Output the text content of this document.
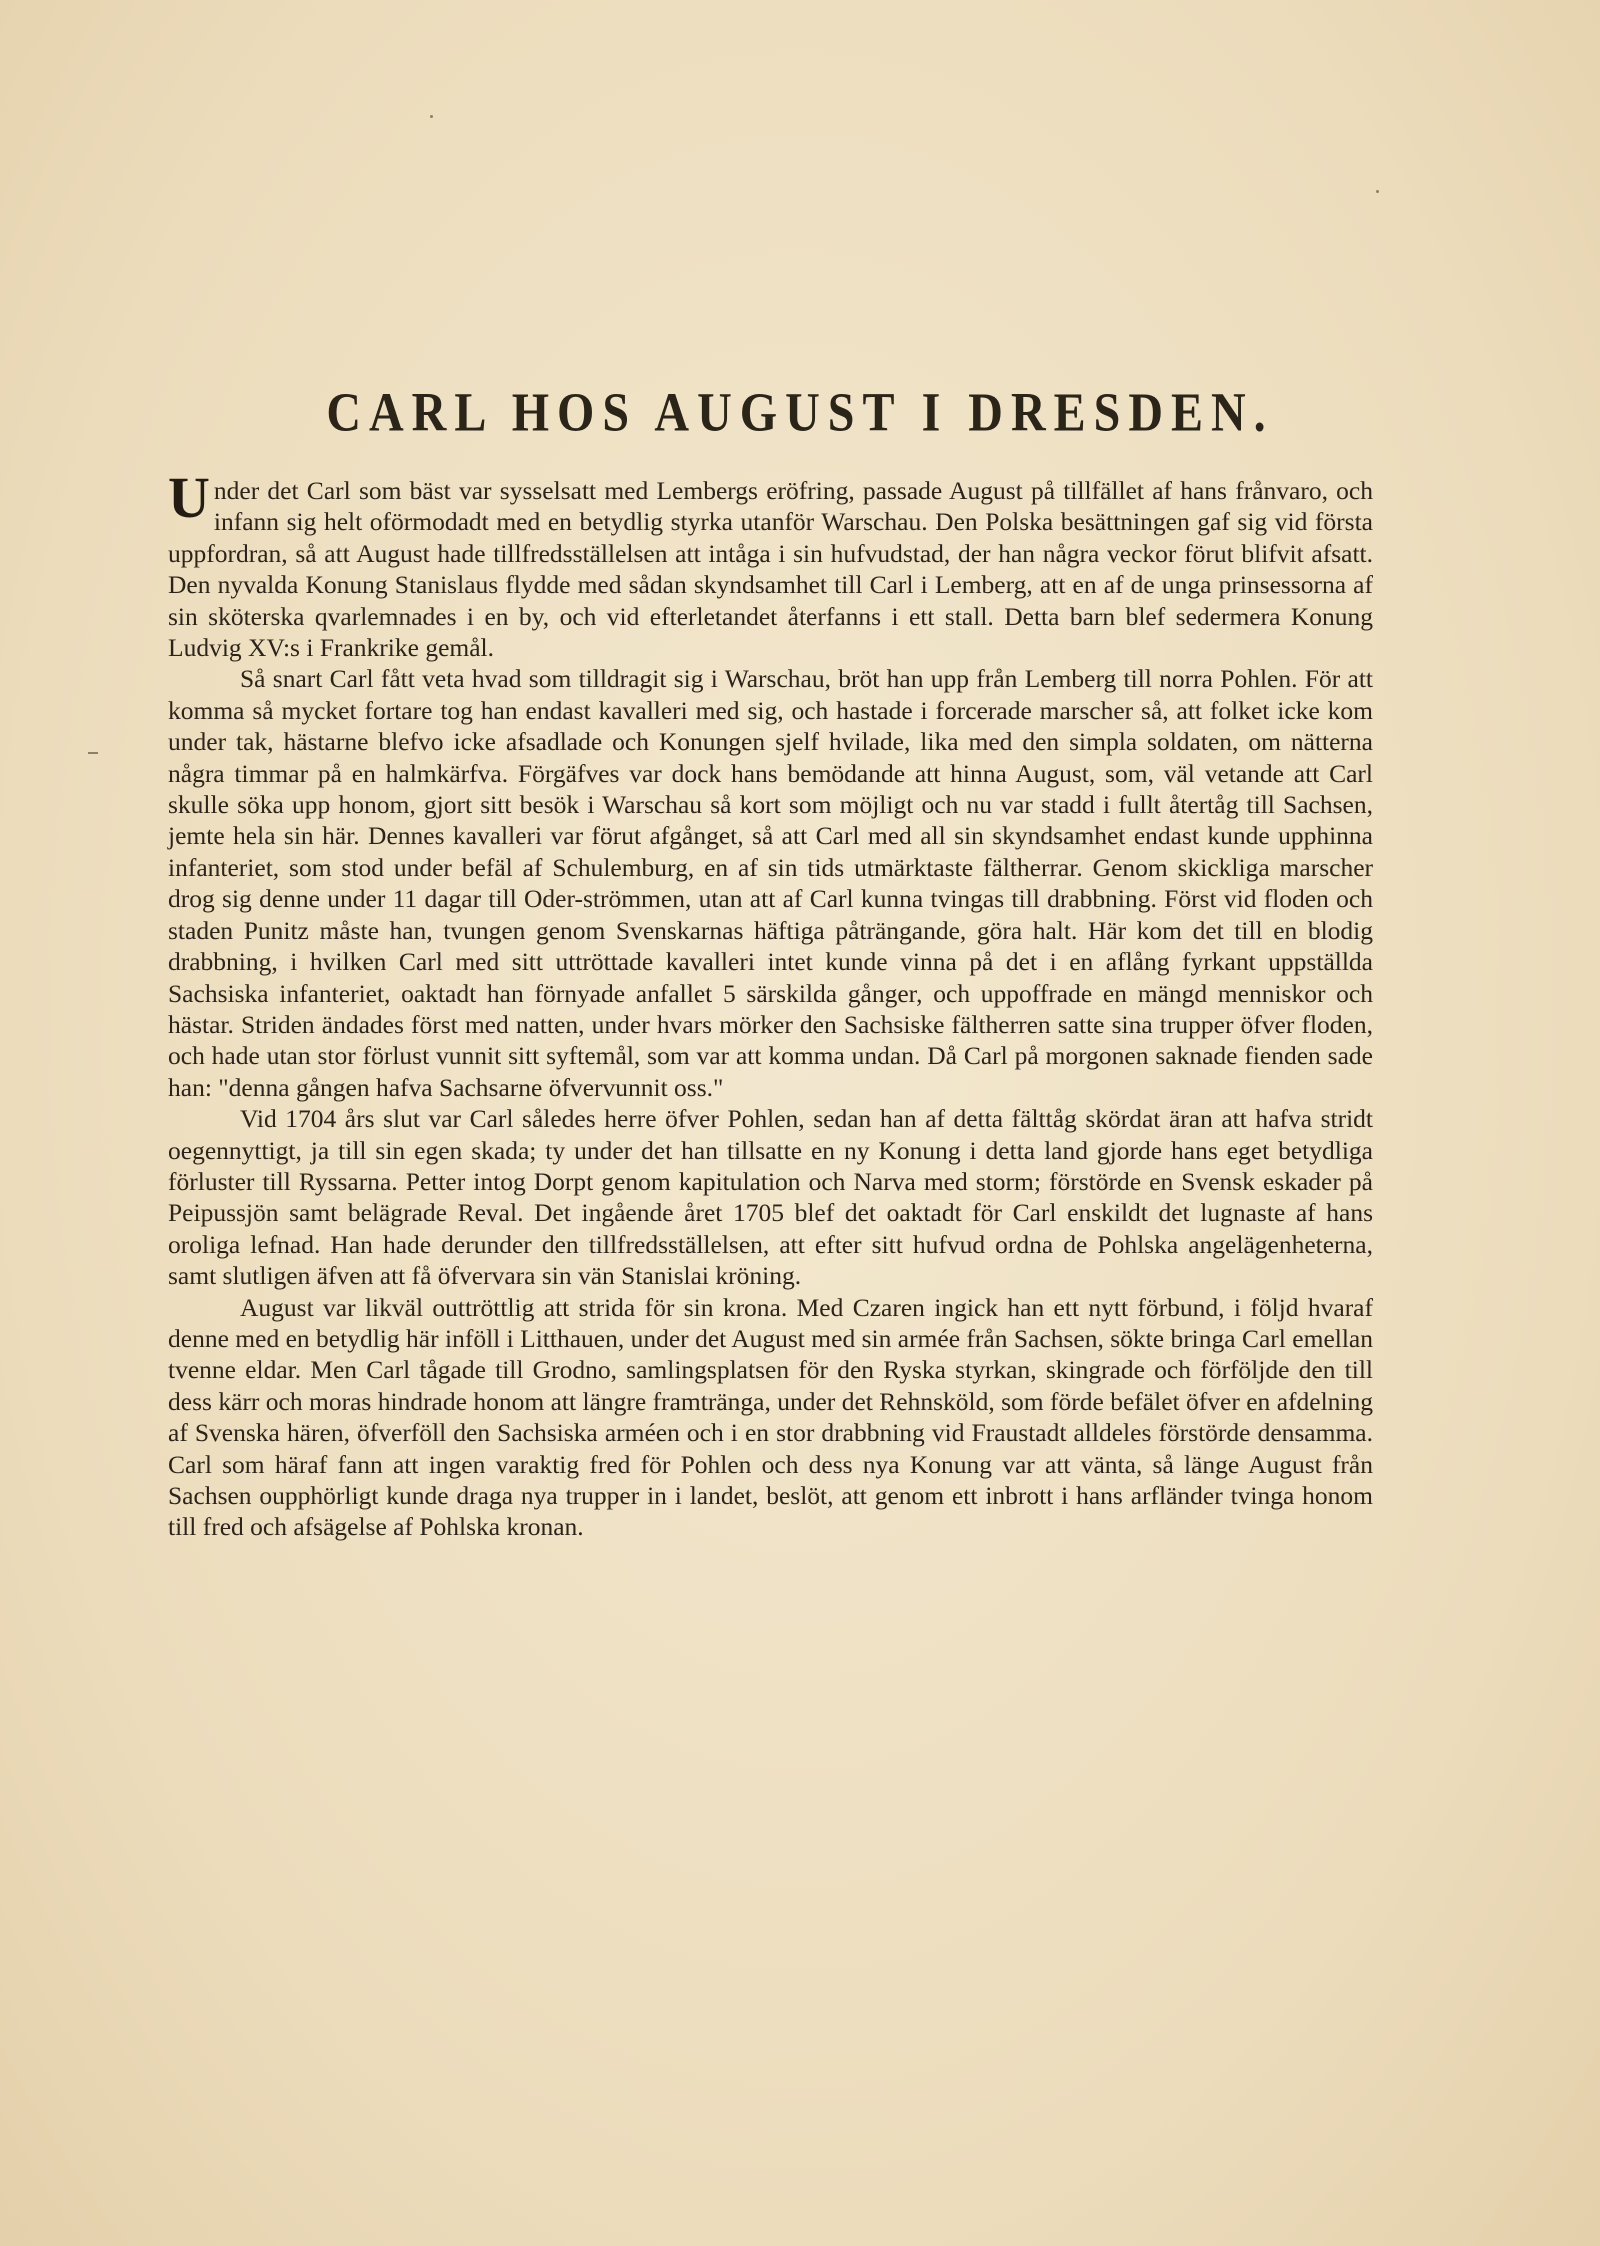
CARL HOS AUGUST I DRESDEN.

Under det Carl som bäst var sysselsatt med Lembergs eröfring, passade August på tillfället af hans frånvaro, och infann sig helt oförmodadt med en betydlig styrka utanför Warschau. Den Polska besättningen gaf sig vid första uppfordran, så att August hade tillfredsställelsen att intåga i sin hufvudstad, der han några veckor förut blifvit afsatt. Den nyvalda Konung Stanislaus flydde med sådan skyndsamhet till Carl i Lemberg, att en af de unga prinsessorna af sin sköterska qvarlemnades i en by, och vid efterletandet återfanns i ett stall. Detta barn blef sedermera Konung Ludvig XV:s i Frankrike gemål.

Så snart Carl fått veta hvad som tilldragit sig i Warschau, bröt han upp från Lemberg till norra Pohlen. För att komma så mycket fortare tog han endast kavalleri med sig, och hastade i forcerade marscher så, att folket icke kom under tak, hästarne blefvo icke afsadlade och Konungen sjelf hvilade, lika med den simpla soldaten, om nätterna några timmar på en halmkärfva. Förgäfves var dock hans bemödande att hinna August, som, väl vetande att Carl skulle söka upp honom, gjort sitt besök i Warschau så kort som möjligt och nu var stadd i fullt återtåg till Sachsen, jemte hela sin här. Dennes kavalleri var förut afgånget, så att Carl med all sin skyndsamhet endast kunde upphinna infanteriet, som stod under befäl af Schulemburg, en af sin tids utmärktaste fältherrar. Genom skickliga marscher drog sig denne under 11 dagar till Oder-strömmen, utan att af Carl kunna tvingas till drabbning. Först vid floden och staden Punitz måste han, tvungen genom Svenskarnas häftiga påträngande, göra halt. Här kom det till en blodig drabbning, i hvilken Carl med sitt uttröttade kavalleri intet kunde vinna på det i en aflång fyrkant uppställda Sachsiska infanteriet, oaktadt han förnyade anfallet 5 särskilda gånger, och uppoffrade en mängd menniskor och hästar. Striden ändades först med natten, under hvars mörker den Sachsiske fältherren satte sina trupper öfver floden, och hade utan stor förlust vunnit sitt syftemål, som var att komma undan. Då Carl på morgonen saknade fienden sade han: "denna gången hafva Sachsarne öfvervunnit oss."

Vid 1704 års slut var Carl således herre öfver Pohlen, sedan han af detta fälttåg skördat äran att hafva stridt oegennyttigt, ja till sin egen skada; ty under det han tillsatte en ny Konung i detta land gjorde hans eget betydliga förluster till Ryssarna. Petter intog Dorpt genom kapitulation och Narva med storm; förstörde en Svensk eskader på Peipussjön samt belägrade Reval. Det ingående året 1705 blef det oaktadt för Carl enskildt det lugnaste af hans oroliga lefnad. Han hade derunder den tillfredsställelsen, att efter sitt hufvud ordna de Pohlska angelägenheterna, samt slutligen äfven att få öfvervara sin vän Stanislai kröning.

August var likväl outtröttlig att strida för sin krona. Med Czaren ingick han ett nytt förbund, i följd hvaraf denne med en betydlig här inföll i Litthauen, under det August med sin armée från Sachsen, sökte bringa Carl emellan tvenne eldar. Men Carl tågade till Grodno, samlingsplatsen för den Ryska styrkan, skingrade och förföljde den till dess kärr och moras hindrade honom att längre framtränga, under det Rehnsköld, som förde befälet öfver en afdelning af Svenska hären, öfverföll den Sachsiska arméen och i en stor drabbning vid Fraustadt alldeles förstörde densamma. Carl som häraf fann att ingen varaktig fred för Pohlen och dess nya Konung var att vänta, så länge August från Sachsen oupphörligt kunde draga nya trupper in i landet, beslöt, att genom ett inbrott i hans arfländer tvinga honom till fred och afsägelse af Pohlska kronan.
